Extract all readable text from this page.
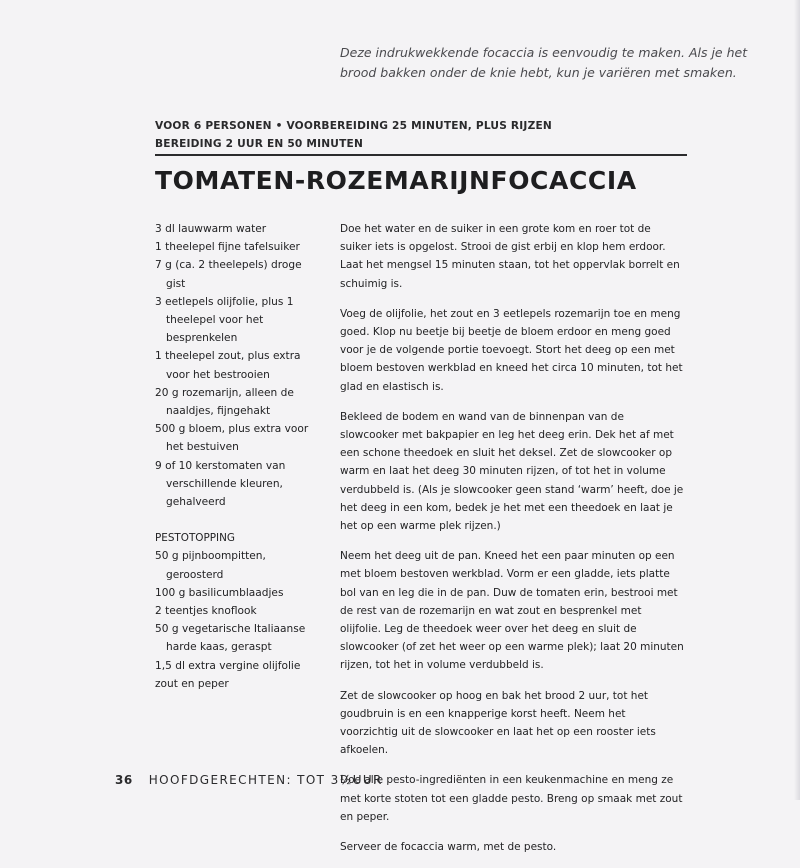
Deze indrukwekkende focaccia is eenvoudig te maken. Als je het brood bakken onder de knie hebt, kun je variëren met smaken.
VOOR 6 PERSONEN • VOORBEREIDING 25 MINUTEN, PLUS RIJZEN
BEREIDING 2 UUR EN 50 MINUTEN
TOMATEN-ROZEMARIJNFOCACCIA
3 dl lauwwarm water
1 theelepel fijne tafelsuiker
7 g (ca. 2 theelepels) droge gist
3 eetlepels olijfolie, plus 1 theelepel voor het besprenkelen
1 theelepel zout, plus extra voor het bestrooien
20 g rozemarijn, alleen de naaldjes, fijngehakt
500 g bloem, plus extra voor het bestuiven
9 of 10 kerstomaten van verschillende kleuren, gehalveerd
PESTOTOPPING
50 g pijnboompitten, geroosterd
100 g basilicumblaadjes
2 teentjes knoflook
50 g vegetarische Italiaanse harde kaas, geraspt
1,5 dl extra vergine olijfolie
zout en peper

Doe het water en de suiker in een grote kom en roer tot de suiker iets is opgelost. Strooi de gist erbij en klop hem erdoor. Laat het mengsel 15 minuten staan, tot het oppervlak borrelt en schuimig is.

Voeg de olijfolie, het zout en 3 eetlepels rozemarijn toe en meng goed. Klop nu beetje bij beetje de bloem erdoor en meng goed voor je de volgende portie toevoegt. Stort het deeg op een met bloem bestoven werkblad en kneed het circa 10 minuten, tot het glad en elastisch is.

Bekleed de bodem en wand van de binnenpan van de slowcooker met bakpapier en leg het deeg erin. Dek het af met een schone theedoek en sluit het deksel. Zet de slowcooker op warm en laat het deeg 30 minuten rijzen, of tot het in volume verdubbeld is. (Als je slowcooker geen stand ‘warm’ heeft, doe je het deeg in een kom, bedek je het met een theedoek en laat je het op een warme plek rijzen.)

Neem het deeg uit de pan. Kneed het een paar minuten op een met bloem bestoven werkblad. Vorm er een gladde, iets platte bol van en leg die in de pan. Duw de tomaten erin, bestrooi met de rest van de rozemarijn en wat zout en besprenkel met olijfolie. Leg de theedoek weer over het deeg en sluit de slowcooker (of zet het weer op een warme plek); laat 20 minuten rijzen, tot het in volume verdubbeld is.

Zet de slowcooker op hoog en bak het brood 2 uur, tot het goudbruin is en een knapperige korst heeft. Neem het voorzichtig uit de slowcooker en laat het op een rooster iets afkoelen.

Doe alle pesto-ingrediënten in een keukenmachine en meng ze met korte stoten tot een gladde pesto. Breng op smaak met zout en peper.

Serveer de focaccia warm, met de pesto.

36 HOOFDGERECHTEN: TOT 3½UUR
